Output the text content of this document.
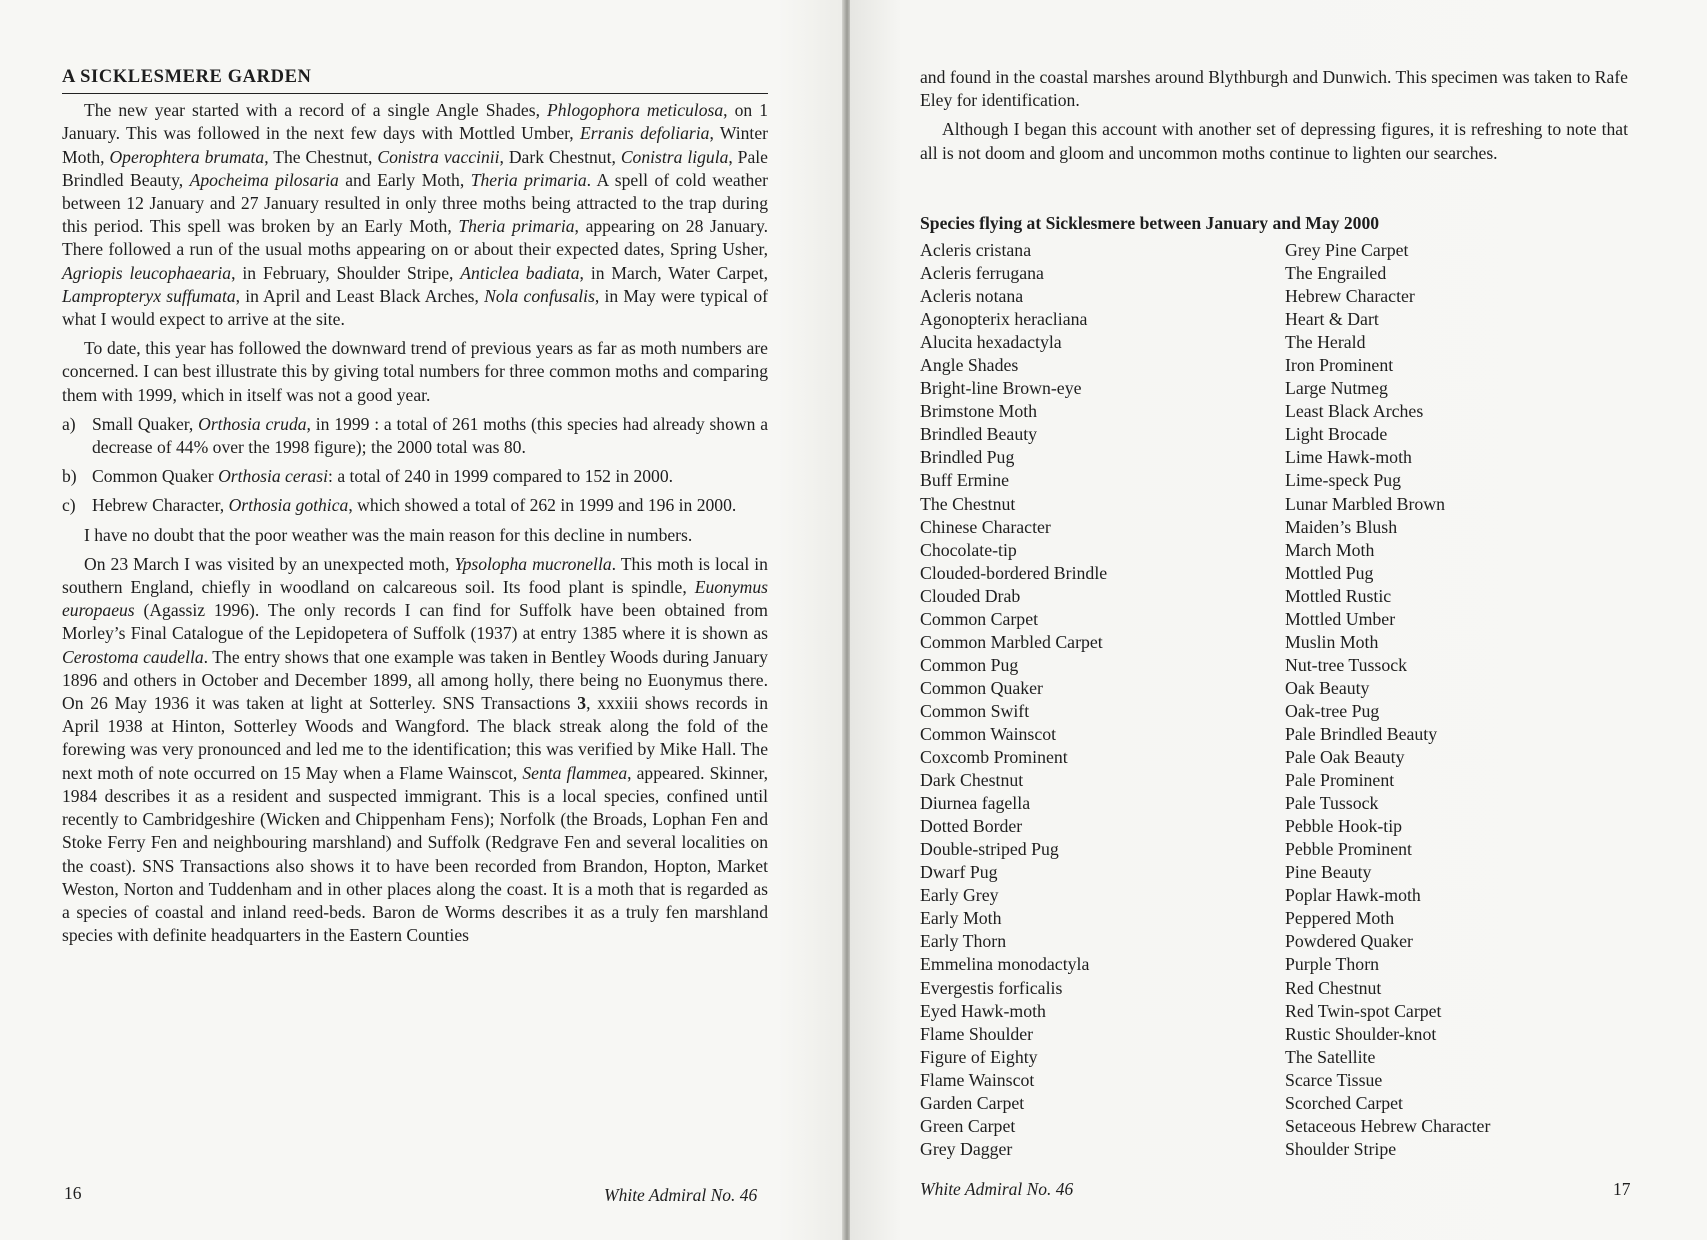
A SICKLESMERE GARDEN
The new year started with a record of a single Angle Shades, Phlogophora meticulosa, on 1 January. This was followed in the next few days with Mottled Umber, Erranis defoliaria, Winter Moth, Operophtera brumata, The Chestnut, Conistra vaccinii, Dark Chestnut, Conistra ligula, Pale Brindled Beauty, Apocheima pilosaria and Early Moth, Theria primaria. A spell of cold weather between 12 January and 27 January resulted in only three moths being attracted to the trap during this period. This spell was broken by an Early Moth, Theria primaria, appearing on 28 January. There followed a run of the usual moths appearing on or about their expected dates, Spring Usher, Agriopis leucophaearia, in February, Shoulder Stripe, Anticlea badiata, in March, Water Carpet, Lampropteryx suffumata, in April and Least Black Arches, Nola confusalis, in May were typical of what I would expect to arrive at the site.
To date, this year has followed the downward trend of previous years as far as moth numbers are concerned. I can best illustrate this by giving total numbers for three common moths and comparing them with 1999, which in itself was not a good year.
a) Small Quaker, Orthosia cruda, in 1999 : a total of 261 moths (this species had already shown a decrease of 44% over the 1998 figure); the 2000 total was 80.
b) Common Quaker Orthosia cerasi: a total of 240 in 1999 compared to 152 in 2000.
c) Hebrew Character, Orthosia gothica, which showed a total of 262 in 1999 and 196 in 2000.
I have no doubt that the poor weather was the main reason for this decline in numbers.
On 23 March I was visited by an unexpected moth, Ypsolopha mucronella. This moth is local in southern England, chiefly in woodland on calcareous soil. Its food plant is spindle, Euonymus europaeus (Agassiz 1996). The only records I can find for Suffolk have been obtained from Morley’s Final Catalogue of the Lepidopetera of Suffolk (1937) at entry 1385 where it is shown as Cerostoma caudella. The entry shows that one example was taken in Bentley Woods during January 1896 and others in October and December 1899, all among holly, there being no Euonymus there. On 26 May 1936 it was taken at light at Sotterley. SNS Transactions 3, xxxiii shows records in April 1938 at Hinton, Sotterley Woods and Wangford. The black streak along the fold of the forewing was very pronounced and led me to the identification; this was verified by Mike Hall. The next moth of note occurred on 15 May when a Flame Wainscot, Senta flammea, appeared. Skinner, 1984 describes it as a resident and suspected immigrant. This is a local species, confined until recently to Cambridgeshire (Wicken and Chippenham Fens); Norfolk (the Broads, Lophan Fen and Stoke Ferry Fen and neighbouring marshland) and Suffolk (Redgrave Fen and several localities on the coast). SNS Transactions also shows it to have been recorded from Brandon, Hopton, Market Weston, Norton and Tuddenham and in other places along the coast. It is a moth that is regarded as a species of coastal and inland reed-beds. Baron de Worms describes it as a truly fen marshland species with definite headquarters in the Eastern Counties
16	White Admiral No. 46
and found in the coastal marshes around Blythburgh and Dunwich. This specimen was taken to Rafe Eley for identification.
Although I began this account with another set of depressing figures, it is refreshing to note that all is not doom and gloom and uncommon moths continue to lighten our searches.
Species flying at Sicklesmere between January and May 2000
Acleris cristana
Acleris ferrugana
Acleris notana
Agonopterix heracliana
Alucita hexadactyla
Angle Shades
Bright-line Brown-eye
Brimstone Moth
Brindled Beauty
Brindled Pug
Buff Ermine
The Chestnut
Chinese Character
Chocolate-tip
Clouded-bordered Brindle
Clouded Drab
Common Carpet
Common Marbled Carpet
Common Pug
Common Quaker
Common Swift
Common Wainscot
Coxcomb Prominent
Dark Chestnut
Diurnea fagella
Dotted Border
Double-striped Pug
Dwarf Pug
Early Grey
Early Moth
Early Thorn
Emmelina monodactyla
Evergestis forficalis
Eyed Hawk-moth
Flame Shoulder
Figure of Eighty
Flame Wainscot
Garden Carpet
Green Carpet
Grey Dagger
Grey Pine Carpet
The Engrailed
Hebrew Character
Heart & Dart
The Herald
Iron Prominent
Large Nutmeg
Least Black Arches
Light Brocade
Lime Hawk-moth
Lime-speck Pug
Lunar Marbled Brown
Maiden’s Blush
March Moth
Mottled Pug
Mottled Rustic
Mottled Umber
Muslin Moth
Nut-tree Tussock
Oak Beauty
Oak-tree Pug
Pale Brindled Beauty
Pale Oak Beauty
Pale Prominent
Pale Tussock
Pebble Hook-tip
Pebble Prominent
Pine Beauty
Poplar Hawk-moth
Peppered Moth
Powdered Quaker
Purple Thorn
Red Chestnut
Red Twin-spot Carpet
Rustic Shoulder-knot
The Satellite
Scarce Tissue
Scorched Carpet
Setaceous Hebrew Character
Shoulder Stripe
White Admiral No. 46	17
